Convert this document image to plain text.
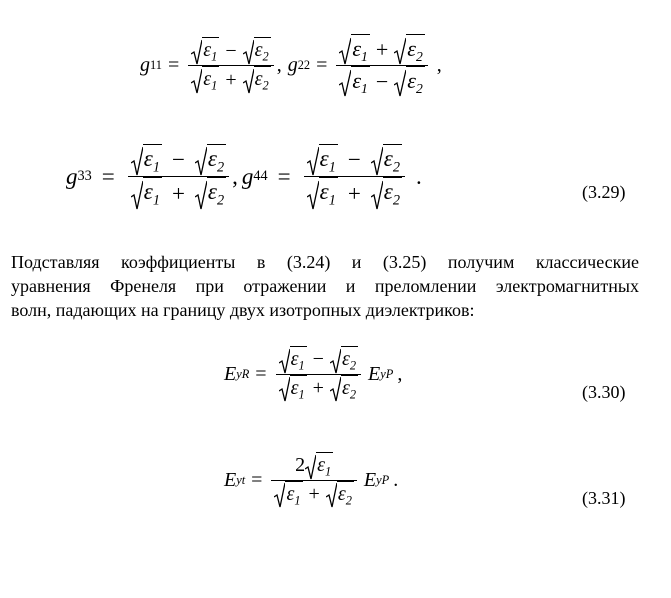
g $11 = \frac{\varepsilon_1 - \varepsilon_2}{\varepsilon_1 + \varepsilon_2}$ , g $22 = \frac{\varepsilon_1 + \varepsilon_2}{\varepsilon_1 - \varepsilon_2}$ ,
g $33 = \frac{\varepsilon_1 - \varepsilon_2}{\varepsilon_1 + \varepsilon_2}$ , g $44 = \frac{\varepsilon_1 - \varepsilon_2}{\varepsilon_1 + \varepsilon_2}$ .
(3.29)

Подставляя коэффициенты в (3.24) и (3.25) получим классические
уравнения Френеля при отражении и преломлении электромагнитных
волн, падающих на границу двух изотропных диэлектриков:

E yR = $\frac{\varepsilon_1 - \varepsilon_2}{\varepsilon_1 + \varepsilon_2}$ E yP ,
(3.30)
E yt = $\frac{2 \varepsilon_1}{\varepsilon_1 + \varepsilon_2}$ E yP .
(3.31)
